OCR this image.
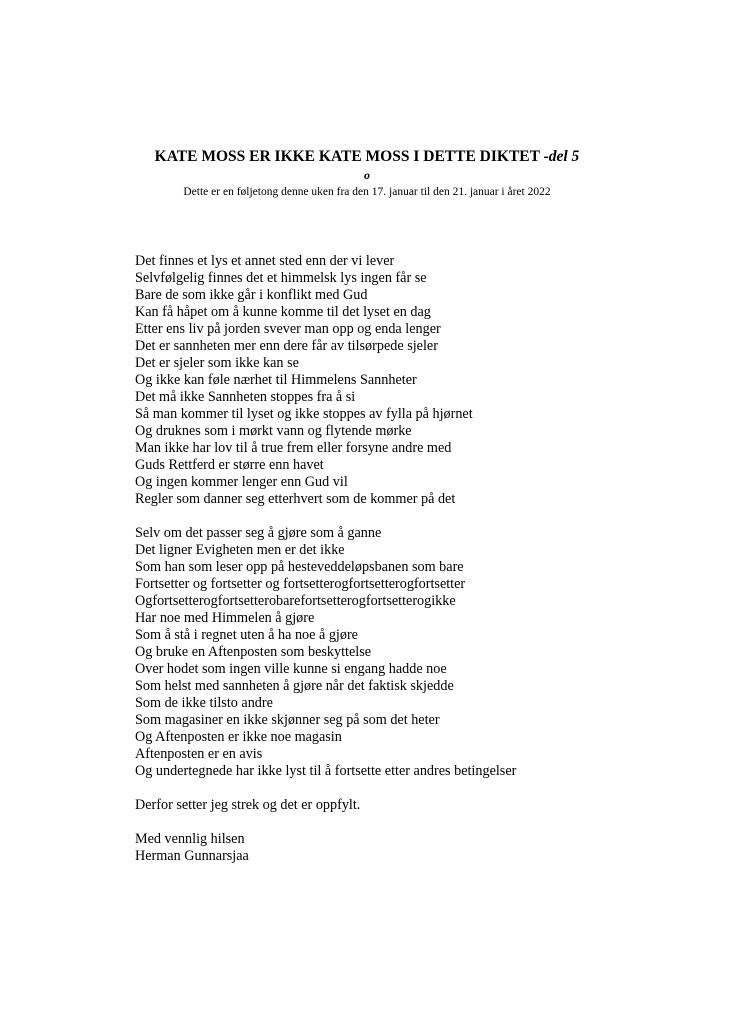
KATE MOSS ER IKKE KATE MOSS I DETTE DIKTET -del 5
o
Dette er en føljetong denne uken fra den 17. januar til den 21. januar i året 2022
Det finnes et lys et annet sted enn der vi lever
Selvfølgelig finnes det et himmelsk lys ingen får se
Bare de som ikke går i konflikt med Gud
Kan få håpet om å kunne komme til det lyset en dag
Etter ens liv på jorden svever man opp og enda lenger
Det er sannheten mer enn dere får av tilsørpede sjeler
Det er sjeler som ikke kan se
Og ikke kan føle nærhet til Himmelens Sannheter
Det må ikke Sannheten stoppes fra å si
Så man kommer til lyset og ikke stoppes av fylla på hjørnet
Og druknes som i mørkt vann og flytende mørke
Man ikke har lov til å true frem eller forsyne andre med
Guds Rettferd er større enn havet
Og ingen kommer lenger enn Gud vil
Regler som danner seg etterhvert som de kommer på det
Selv om det passer seg å gjøre som å ganne
Det ligner Evigheten men er det ikke
Som han som leser opp på hesteveddeløpsbanen som bare
Fortsetter og fortsetter og fortsetterogfortsetterogfortsetter
Ogfortsetterogfortsetterobarefortsetterogfortsetterogikke
Har noe med Himmelen å gjøre
Som å stå i regnet uten å ha noe å gjøre
Og bruke en Aftenposten som beskyttelse
Over hodet som ingen ville kunne si engang hadde noe
Som helst med sannheten å gjøre når det faktisk skjedde
Som de ikke tilsto andre
Som magasiner en ikke skjønner seg på som det heter
Og Aftenposten er ikke noe magasin
Aftenposten er en avis
Og undertegnede har ikke lyst til å fortsette etter andres betingelser
Derfor setter jeg strek og det er oppfylt.
Med vennlig hilsen
Herman Gunnarsjaa
